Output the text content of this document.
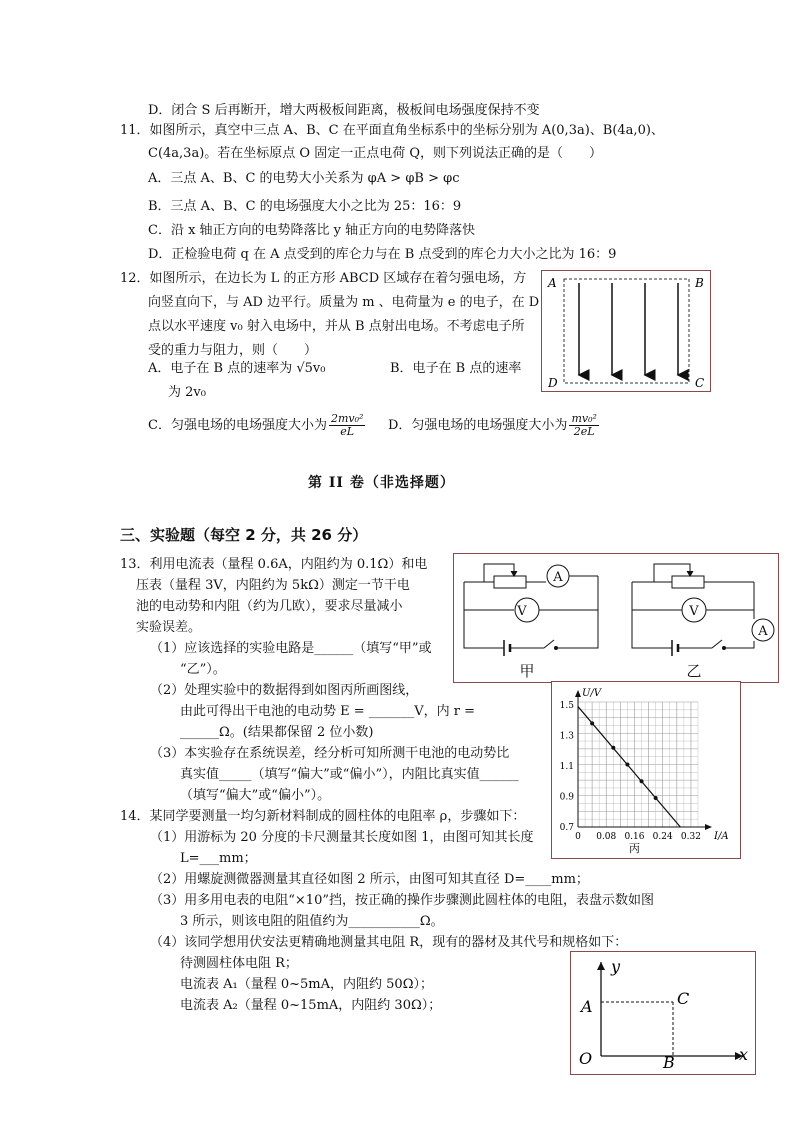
D．闭合 S 后再断开，增大两极板间距离，极板间电场强度保持不变
11．如图所示，真空中三点 A、B、C 在平面直角坐标系中的坐标分别为 A(0,3a)、B(4a,0)、
C(4a,3a)。若在坐标原点 O 固定一正点电荷 Q，则下列说法正确的是（　　）
A．三点 A、B、C 的电势大小关系为 φA > φB > φc
B．三点 A、B、C 的电场强度大小之比为 25：16：9
C．沿 x 轴正方向的电势降落比 y 轴正方向的电势降落快
D．正检验电荷 q 在 A 点受到的库仑力与在 B 点受到的库仑力大小之比为 16：9
12．如图所示，在边长为 L 的正方形 ABCD 区域存在着匀强电场，方
向竖直向下，与 AD 边平行。质量为 m 、电荷量为 e 的电子，在 D
点以水平速度 v₀ 射入电场中，并从 B 点射出电场。不考虑电子所
受的重力与阻力，则（　　）
A．电子在 B 点的速率为 √5v₀	B．电子在 B 点的速率
为 2v₀
C．匀强电场的电场强度大小为 $\frac{\text{2mv₀²}}{eL}$ D．匀强电场的电场强度大小为 $\frac{\text{mv₀²}}{2eL}$
A	B
C
D
第 II 卷（非选择题）
三、实验题（每空 2 分，共 26 分）
13．利用电流表（量程 0.6A，内阻约为 0.1Ω）和电
压表（量程 3V，内阻约为 5kΩ）测定一节干电
池的电动势和内阻（约为几欧），要求尽量减小
实验误差。
（1）应该选择的实验电路是______（填写“甲”或
“乙”）。
（2）处理实验中的数据得到如图丙所画图线，
由此可得出干电池的电动势 E = _______V，内 r =
______Ω。(结果都保留 2 位小数)
（3）本实验存在系统误差，经分析可知所测干电池的电动势比
真实值_____（填写“偏大”或“偏小”），内阻比真实值______
（填写“偏大”或“偏小”）。
V
A
甲
V
A
乙
0 0.08 0.16 0.24 0.32
0.7
0.9
1.1
1.3
1.5
U/V
I/A
丙
14．某同学要测量一均匀新材料制成的圆柱体的电阻率 ρ，步骤如下：
（1）用游标为 20 分度的卡尺测量其长度如图 1，由图可知其长度
L=___mm；
（2）用螺旋测微器测量其直径如图 2 所示，由图可知其直径 D=____mm；
（3）用多用电表的电阻“×10”挡，按正确的操作步骤测此圆柱体的电阻，表盘示数如图
3 所示，则该电阻的阻值约为___________Ω。
（4）该同学想用伏安法更精确地测量其电阻 R，现有的器材及其代号和规格如下：
待测圆柱体电阻 R；
电流表 A₁（量程 0~5mA，内阻约 50Ω）；
电流表 A₂（量程 0~15mA，内阻约 30Ω）；
y
x
O
A
B
C
